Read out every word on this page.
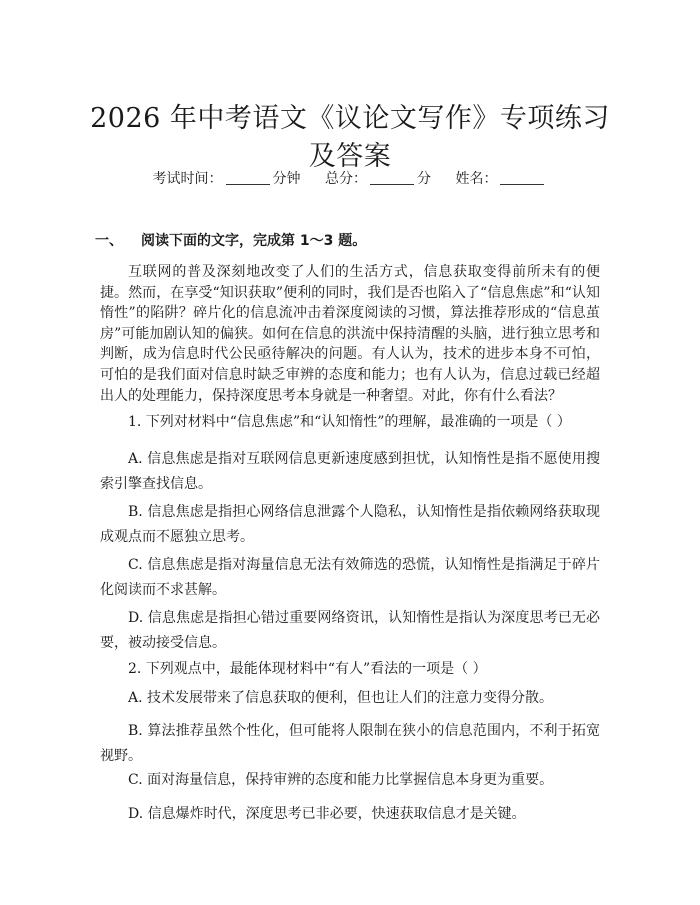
2026 年中考语文《议论文写作》专项练习及答案
考试时间：	分钟 总分：	分 姓名：
一、 阅读下面的文字，完成第 1～3 题。

互联网的普及深刻地改变了人们的生活方式，信息获取变得前所未有的便捷。然而，在享受“知识获取”便利的同时，我们是否也陷入了“信息焦虑”和“认知惰性”的陷阱？碎片化的信息流冲击着深度阅读的习惯，算法推荐形成的“信息茧房”可能加剧认知的偏狭。如何在信息的洪流中保持清醒的头脑，进行独立思考和判断，成为信息时代公民亟待解决的问题。有人认为，技术的进步本身不可怕，可怕的是我们面对信息时缺乏审辨的态度和能力；也有人认为，信息过载已经超出人的处理能力，保持深度思考本身就是一种奢望。对此，你有什么看法？

1. 下列对材料中“信息焦虑”和“认知惰性”的理解，最准确的一项是（ ）

A. 信息焦虑是指对互联网信息更新速度感到担忧，认知惰性是指不愿使用搜索引擎查找信息。

B. 信息焦虑是指担心网络信息泄露个人隐私，认知惰性是指依赖网络获取现成观点而不愿独立思考。

C. 信息焦虑是指对海量信息无法有效筛选的恐慌，认知惰性是指满足于碎片化阅读而不求甚解。

D. 信息焦虑是指担心错过重要网络资讯，认知惰性是指认为深度思考已无必要，被动接受信息。

2. 下列观点中，最能体现材料中“有人”看法的一项是（ ）

A. 技术发展带来了信息获取的便利，但也让人们的注意力变得分散。

B. 算法推荐虽然个性化，但可能将人限制在狭小的信息范围内，不利于拓宽视野。

C. 面对海量信息，保持审辨的态度和能力比掌握信息本身更为重要。

D. 信息爆炸时代，深度思考已非必要，快速获取信息才是关键。
